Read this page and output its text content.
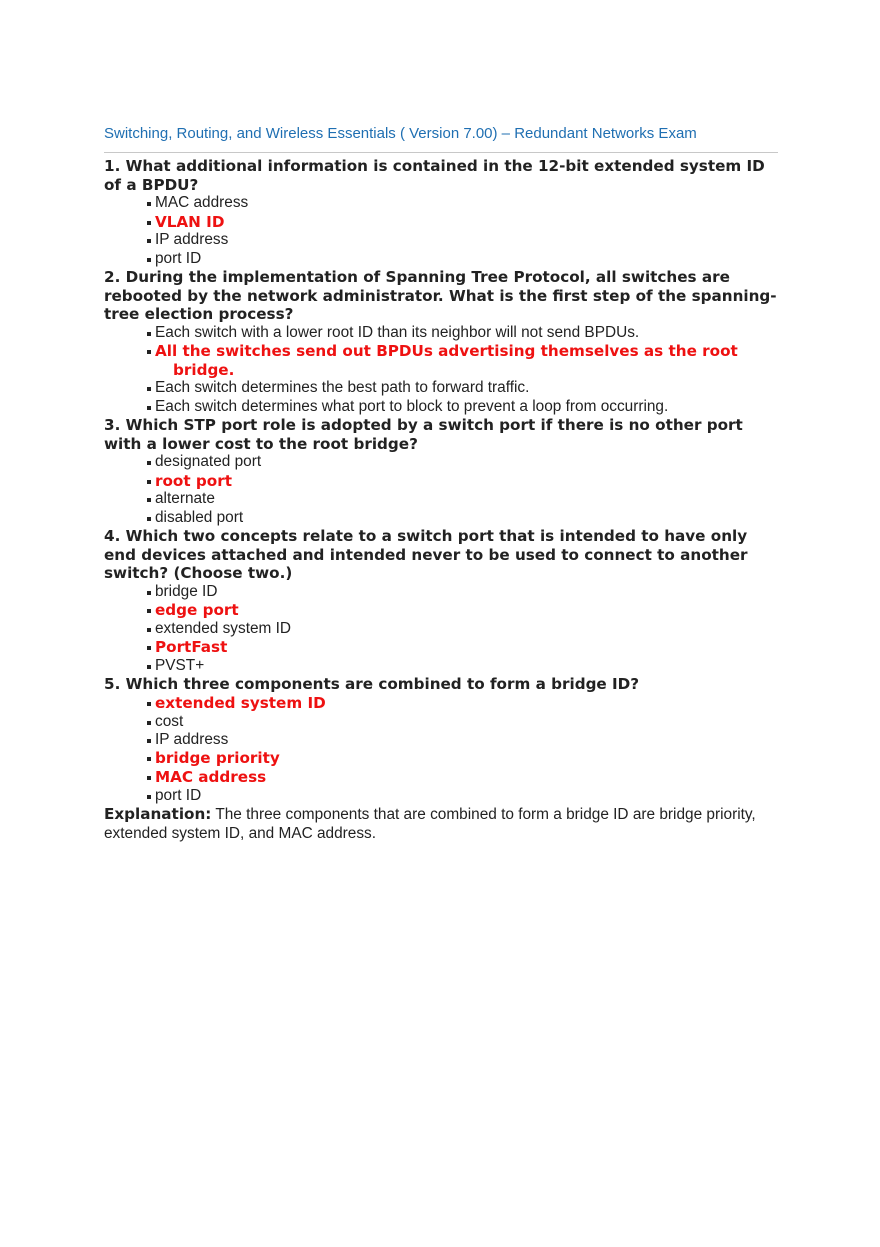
Switching, Routing, and Wireless Essentials ( Version 7.00) – Redundant Networks Exam

1. What additional information is contained in the 12-bit extended system ID of a BPDU?

MAC address
VLAN ID
IP address
port ID

2. During the implementation of Spanning Tree Protocol, all switches are rebooted by the network administrator. What is the first step of the spanning-tree election process?

Each switch with a lower root ID than its neighbor will not send BPDUs.
All the switches send out BPDUs advertising themselves as the root
bridge.
Each switch determines the best path to forward traffic.
Each switch determines what port to block to prevent a loop from occurring.

3. Which STP port role is adopted by a switch port if there is no other port with a lower cost to the root bridge?

designated port
root port
alternate
disabled port

4. Which two concepts relate to a switch port that is intended to have only end devices attached and intended never to be used to connect to another switch? (Choose two.)

bridge ID
edge port
extended system ID
PortFast
PVST+

5. Which three components are combined to form a bridge ID?

extended system ID
cost
IP address
bridge priority
MAC address
port ID
Explanation: The three components that are combined to form a bridge ID are bridge priority, extended system ID, and MAC address.
